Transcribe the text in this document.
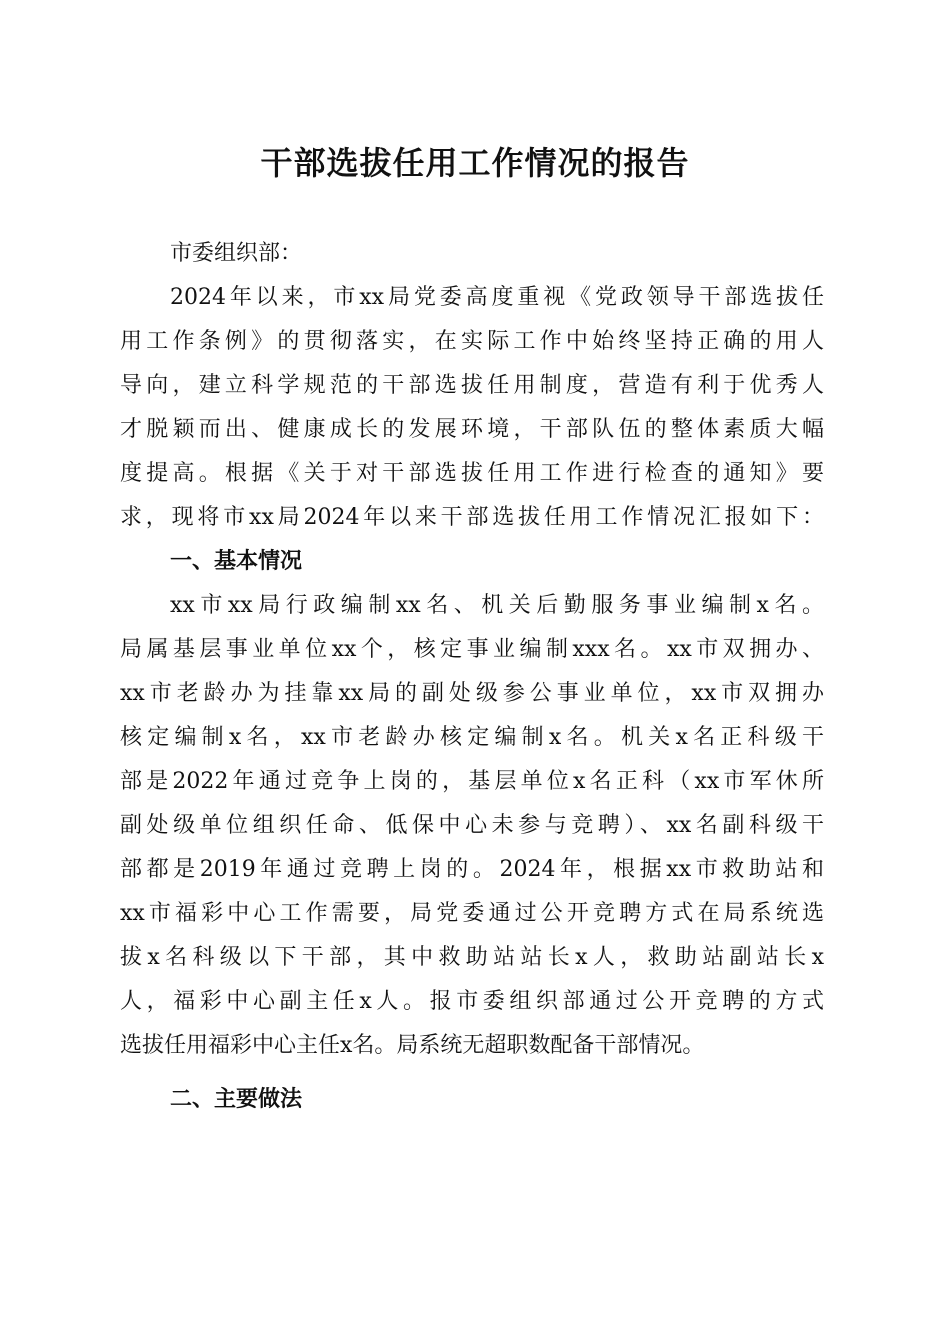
干部选拔任用工作情况的报告
市委组织部：
2024年以来，市xx局党委高度重视《党政领导干部选拔任
用工作条例》的贯彻落实，在实际工作中始终坚持正确的用人
导向，建立科学规范的干部选拔任用制度，营造有利于优秀人
才脱颖而出、健康成长的发展环境，干部队伍的整体素质大幅
度提高。根据《关于对干部选拔任用工作进行检查的通知》要
求，现将市xx局2024年以来干部选拔任用工作情况汇报如下：
一、基本情况
xx市xx局行政编制xx名、机关后勤服务事业编制x名。
局属基层事业单位xx个，核定事业编制xxx名。xx市双拥办、
xx市老龄办为挂靠xx局的副处级参公事业单位，xx市双拥办
核定编制x名，xx市老龄办核定编制x名。机关x名正科级干
部是2022年通过竞争上岗的，基层单位x名正科（xx市军休所
副处级单位组织任命、低保中心未参与竞聘）、xx名副科级干
部都是2019年通过竞聘上岗的。2024年，根据xx市救助站和
xx市福彩中心工作需要，局党委通过公开竞聘方式在局系统选
拔x名科级以下干部，其中救助站站长x人，救助站副站长x
人，福彩中心副主任x人。报市委组织部通过公开竞聘的方式
选拔任用福彩中心主任x名。局系统无超职数配备干部情况。
二、主要做法
